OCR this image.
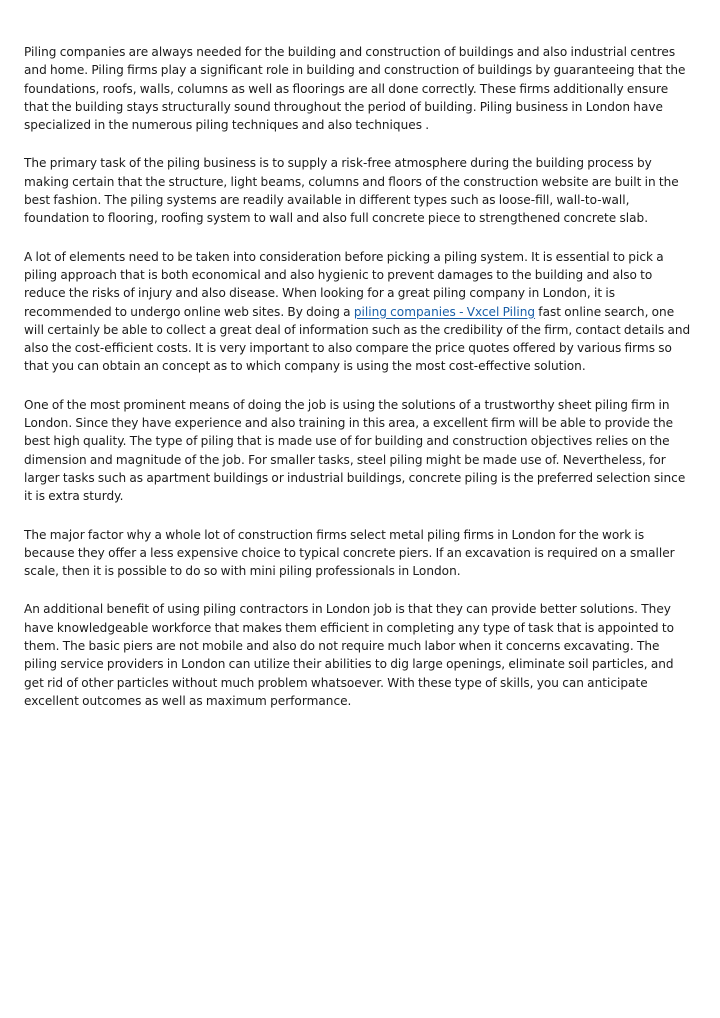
Piling companies are always needed for the building and construction of buildings and also industrial centres and home. Piling firms play a significant role in building and construction of buildings by guaranteeing that the foundations, roofs, walls, columns as well as floorings are all done correctly. These firms additionally ensure that the building stays structurally sound throughout the period of building. Piling business in London have specialized in the numerous piling techniques and also techniques .

The primary task of the piling business is to supply a risk-free atmosphere during the building process by making certain that the structure, light beams, columns and floors of the construction website are built in the best fashion. The piling systems are readily available in different types such as loose-fill, wall-to-wall, foundation to flooring, roofing system to wall and also full concrete piece to strengthened concrete slab.

A lot of elements need to be taken into consideration before picking a piling system. It is essential to pick a piling approach that is both economical and also hygienic to prevent damages to the building and also to reduce the risks of injury and also disease. When looking for a great piling company in London, it is recommended to undergo online web sites. By doing a piling companies - Vxcel Piling fast online search, one will certainly be able to collect a great deal of information such as the credibility of the firm, contact details and also the cost-efficient costs. It is very important to also compare the price quotes offered by various firms so that you can obtain an concept as to which company is using the most cost-effective solution.

One of the most prominent means of doing the job is using the solutions of a trustworthy sheet piling firm in London. Since they have experience and also training in this area, a excellent firm will be able to provide the best high quality. The type of piling that is made use of for building and construction objectives relies on the dimension and magnitude of the job. For smaller tasks, steel piling might be made use of. Nevertheless, for larger tasks such as apartment buildings or industrial buildings, concrete piling is the preferred selection since it is extra sturdy.

The major factor why a whole lot of construction firms select metal piling firms in London for the work is because they offer a less expensive choice to typical concrete piers. If an excavation is required on a smaller scale, then it is possible to do so with mini piling professionals in London.

An additional benefit of using piling contractors in London job is that they can provide better solutions. They have knowledgeable workforce that makes them efficient in completing any type of task that is appointed to them. The basic piers are not mobile and also do not require much labor when it concerns excavating. The piling service providers in London can utilize their abilities to dig large openings, eliminate soil particles, and get rid of other particles without much problem whatsoever. With these type of skills, you can anticipate excellent outcomes as well as maximum performance.
